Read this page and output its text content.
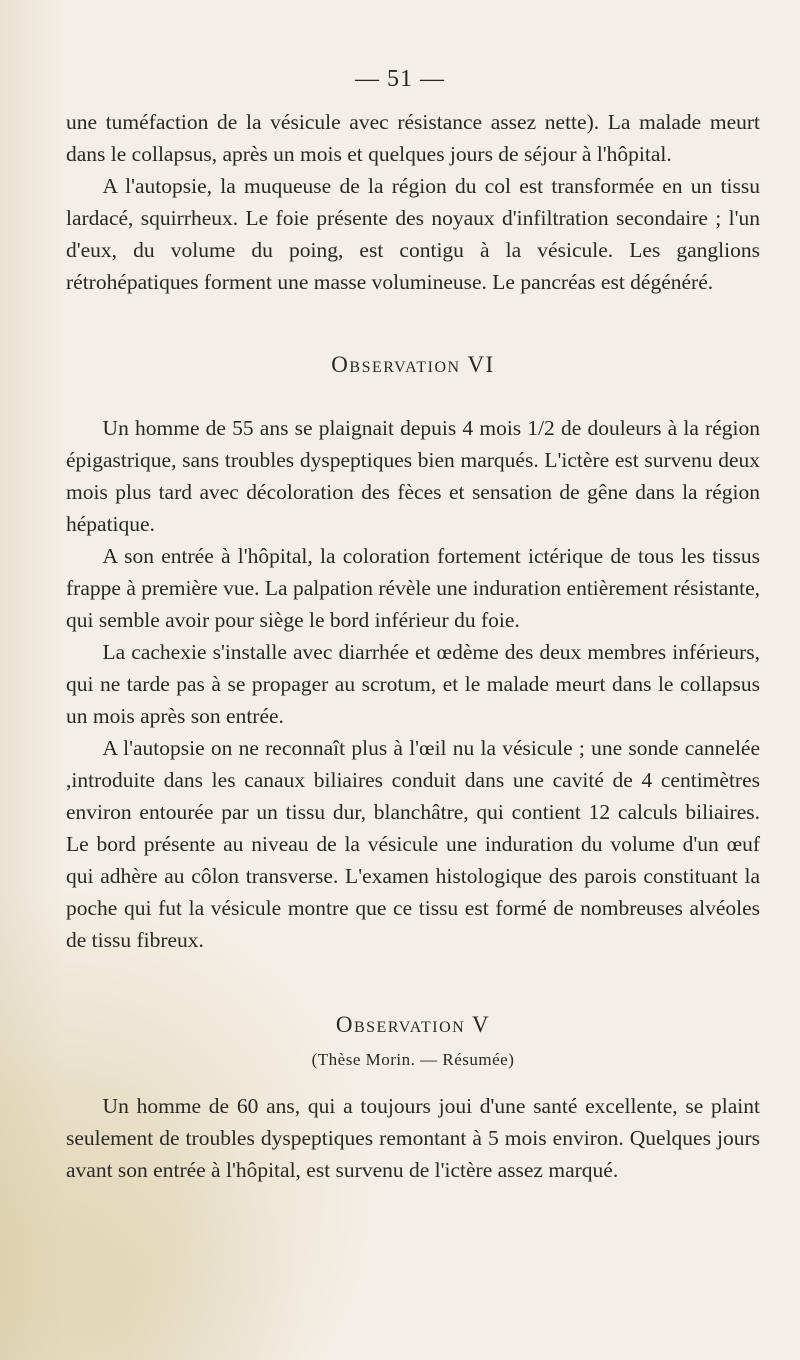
— 51 —

une tuméfaction de la vésicule avec résistance assez nette). La malade meurt dans le collapsus, après un mois et quelques jours de séjour à l'hôpital.

A l'autopsie, la muqueuse de la région du col est transformée en un tissu lardacé, squirrheux. Le foie présente des noyaux d'infiltration secondaire ; l'un d'eux, du volume du poing, est contigu à la vésicule. Les ganglions rétrohépatiques forment une masse volumineuse. Le pancréas est dégénéré.

Observation VI

Un homme de 55 ans se plaignait depuis 4 mois 1/2 de douleurs à la région épigastrique, sans troubles dyspeptiques bien marqués. L'ictère est survenu deux mois plus tard avec décoloration des fèces et sensation de gêne dans la région hépatique.

A son entrée à l'hôpital, la coloration fortement ictérique de tous les tissus frappe à première vue. La palpation révèle une induration entièrement résistante, qui semble avoir pour siège le bord inférieur du foie.

La cachexie s'installe avec diarrhée et œdème des deux membres inférieurs, qui ne tarde pas à se propager au scrotum, et le malade meurt dans le collapsus un mois après son entrée.

A l'autopsie on ne reconnaît plus à l'œil nu la vésicule ; une sonde cannelée ,introduite dans les canaux biliaires conduit dans une cavité de 4 centimètres environ entourée par un tissu dur, blanchâtre, qui contient 12 calculs biliaires. Le bord présente au niveau de la vésicule une induration du volume d'un œuf qui adhère au côlon transverse. L'examen histologique des parois constituant la poche qui fut la vésicule montre que ce tissu est formé de nombreuses alvéoles de tissu fibreux.

Observation V
(Thèse Morin. — Résumée)

Un homme de 60 ans, qui a toujours joui d'une santé excellente, se plaint seulement de troubles dyspeptiques remontant à 5 mois environ. Quelques jours avant son entrée à l'hôpital, est survenu de l'ictère assez marqué.
